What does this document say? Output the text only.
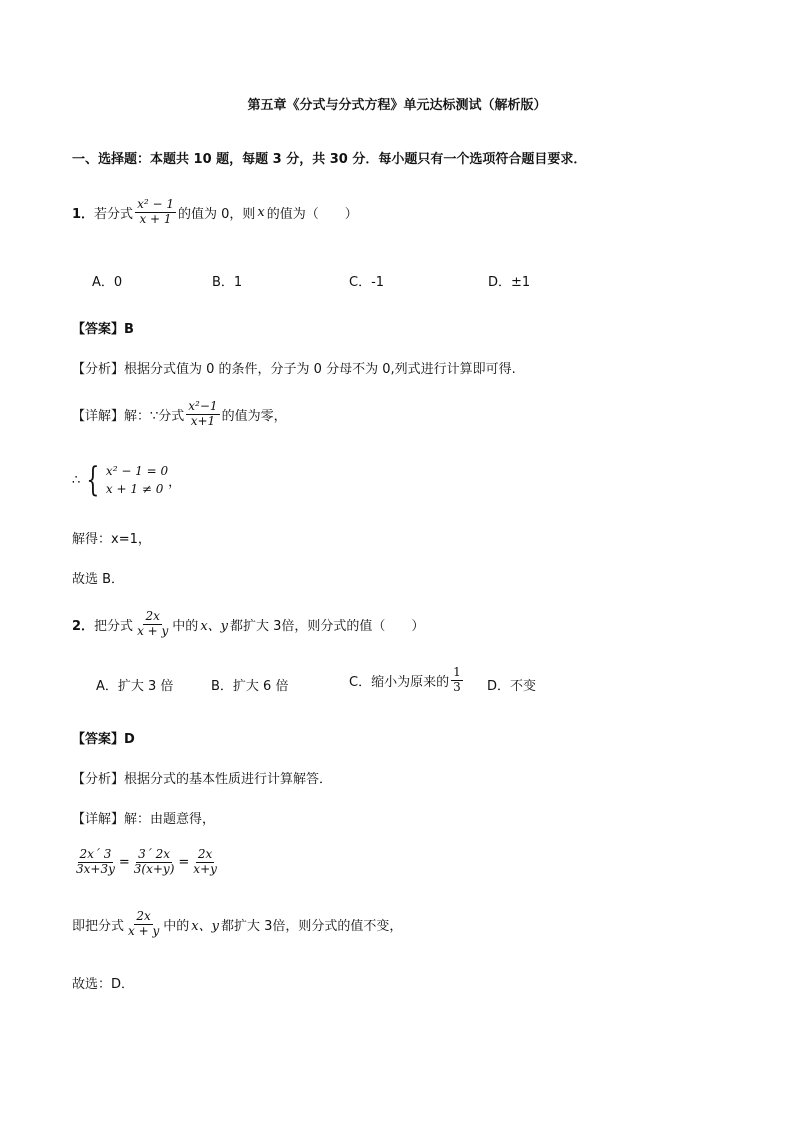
第五章《分式与分式方程》单元达标测试（解析版）
一、选择题：本题共 10 题，每题 3 分，共 30 分．每小题只有一个选项符合题目要求．
1． 若分式 $\frac{\text{x² − 1}}{x + 1}$ 的值为 0，则 x 的值为（　　）
A．0	B．1	C．-1	D．±1
【答案】B
【分析】根据分式值为 0 的条件，分子为 0 分母不为 0,列式进行计算即可得.
【详解】解：∵分式 $\frac{\text{x²−1}}{x+1}$ 的值为零，
∴ { x² − 1 = 0
x + 1 ≠ 0 ，
解得：x=1，
故选 B．
2． 把分式 $\frac{2x}{x + y}$ 中的 x、y 都扩大 3倍，则分式的值（　　）
A．扩大 3 倍	B．扩大 6 倍	C．缩小为原来的 $\frac{1}{3}$ D．不变
【答案】D
【分析】根据分式的基本性质进行计算解答．
【详解】解：由题意得，
$\frac{2x´ 3}{3x+3y} = \frac{3´ 2x}{3(x+y)} = \frac{2x}{x+y}$
即把分式 $\frac{2x}{x + y}$ 中的 x、y 都扩大 3倍，则分式的值不变，
故选：D．
